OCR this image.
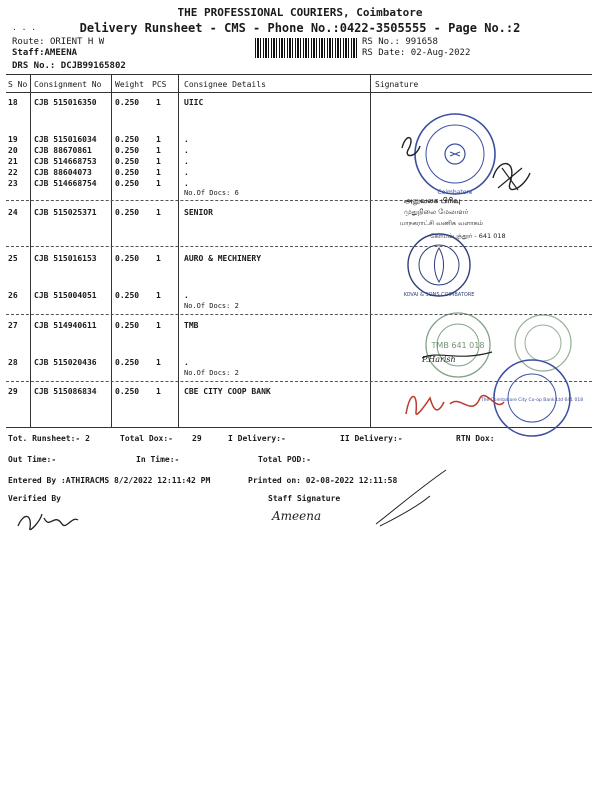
THE PROFESSIONAL COURIERS, Coimbatore
Delivery Runsheet - CMS - Phone No.:0422-3505555 - Page No.:2
. . .
Route: ORIENT H W
Staff:AMEENA
DRS No.: DCJB99165802
RS No.: 991658
RS Date: 02-Aug-2022
S No Consignment No Weight PCS Consignee Details	Signature
18 CJB 515016350 0.250 1	UIIC
19 CJB 515016034 0.250 1	.
20 CJB 88670861	0.250 1	.
21 CJB 514668753 0.250 1	.
22 CJB 88604073	0.250 1	.
23 CJB 514668754 0.250 1	.
No.Of Docs: 6
24 CJB 515025371 0.250 1	SENIOR
25 CJB 515016153 0.250 1	AURO & MECHINERY
26 CJB 515004051 0.250 1	.
No.Of Docs: 2
27 CJB 514940611 0.250 1	TMB
28 CJB 515020436 0.250 1	.
No.Of Docs: 2
29 CJB 515086834 0.250 1	CBE CITY COOP BANK
Coimbatore
அலுவலக பிரிவு
முதுநிலை மேலாளர்
மாநகராட்சி வணிக வளாகம்
கோயம்புத்தூர் - 641 018
KOVAI & SONS COIMBATORE
TMB 641 018
P.Harish
The Coimbatore City Co-op Bank Ltd 641 018
Tot. Runsheet:- 2	Total Dox:- 29	I Delivery:-	II Delivery:-	RTN Dox:
Out Time:-	In Time:-	Total POD:-
Entered By :ATHIRACMS 8/2/2022 12:11:42 PM	Printed on: 02-08-2022 12:11:58
Verified By	Staff Signature
Ameena
